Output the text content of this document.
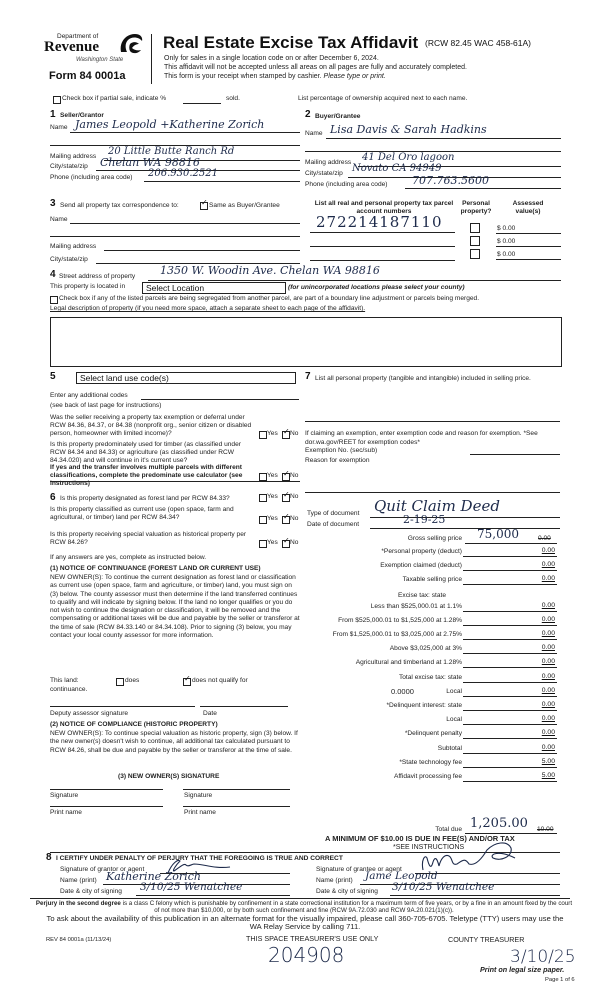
Department of
Revenue
Washington State
Form 84 0001a
Real Estate Excise Tax Affidavit (RCW 82.45 WAC 458-61A)
Only for sales in a single location code on or after December 6, 2024.
This affidavit will not be accepted unless all areas on all pages are fully and accurately completed.
This form is your receipt when stamped by cashier. Please type or print.
Check box if partial sale, indicate %	sold.	List percentage of ownership acquired next to each name.
1 Seller/Grantor
Name James Leopold +Katherine Zorich
Mailing address 20 Little Butte Ranch Rd
City/state/zip Chelan WA 98816
Phone (including area code) 206.930.2521
2 Buyer/Grantee
Name Lisa Davis & Sarah Hadkins
Mailing address 41 Del Oro lagoon
City/state/zip Novato CA 94949
Phone (including area code) 707.763.5600
3 Send all property tax correspondence to: ✓	Same as Buyer/Grantee
Name
Mailing address
City/state/zip
List all real and personal property tax parcel account numbers
Personal property?
Assessed value(s)
272214187110	$ 0.00
$ 0.00
$ 0.00
4 Street address of property 1350 W. Woodin Ave. Chelan WA 98816
This property is located in	Select Location	(for unincorporated locations please select your county)
Check box if any of the listed parcels are being segregated from another parcel, are part of a boundary line adjustment or parcels being merged.
Legal description of property (if you need more space, attach a separate sheet to each page of the affidavit).
5	Select land use code(s)
Enter any additional codes
(see back of last page for instructions)
Was the seller receiving a property tax exemption or deferral under RCW 84.36, 84.37, or 84.38 (nonprofit org., senior citizen or disabled person, homeowner with limited income)?	Yes ✓ No
Is this property predominately used for timber (as classified under RCW 84.34 and 84.33) or agriculture (as classified under RCW 84.34.020) and will continue in it's current use?
If yes and the transfer involves multiple parcels with different classifications, complete the predominate use calculator (see instructions)
Yes ✓ No
6 Is this property designated as forest land per RCW 84.33?	Yes ✓ No
Is this property classified as current use (open space, farm and agricultural, or timber) land per RCW 84.34?	Yes ✓ No
Is this property receiving special valuation as historical property per RCW 84.26?	Yes ✓ No
If any answers are yes, complete as instructed below.
(1) NOTICE OF CONTINUANCE (FOREST LAND OR CURRENT USE)
NEW OWNER(S): To continue the current designation as forest land or classification as current use (open space, farm and agriculture, or timber) land, you must sign on (3) below. The county assessor must then determine if the land transferred continues to qualify and will indicate by signing below. If the land no longer qualifies or you do not wish to continue the designation or classification, it will be removed and the compensating or additional taxes will be due and payable by the seller or transferor at the time of sale (RCW 84.33.140 or 84.34.108). Prior to signing (3) below, you may contact your local county assessor for more information.
This land:
continuance.
does ✓	does not qualify for
Deputy assessor signature	Date
(2) NOTICE OF COMPLIANCE (HISTORIC PROPERTY)
NEW OWNER(S): To continue special valuation as historic property, sign (3) below. If the new owner(s) doesn't wish to continue, all additional tax calculated pursuant to RCW 84.26, shall be due and payable by the seller or transferor at the time of sale.
(3) NEW OWNER(S) SIGNATURE
Signature	Signature
Print name	Print name
7 List all personal property (tangible and intangible) included in selling price.
If claiming an exemption, enter exemption code and reason for exemption. *See dor.wa.gov/REET for exemption codes*
Exemption No. (sec/sub)
Reason for exemption
Type of document Quit Claim Deed
Date of document	2-19-25
Gross selling price 75,000	0.00
*Personal property (deduct)	0.00
Exemption claimed (deduct)	0.00
Taxable selling price	0.00
Excise tax: state
Less than $525,000.01 at 1.1%	0.00
From $525,000.01 to $1,525,000 at 1.28%	0.00
From $1,525,000.01 to $3,025,000 at 2.75%	0.00
Above $3,025,000 at 3%	0.00
Agricultural and timberland at 1.28%	0.00
Total excise tax: state	0.00
Local	0.00
0.0000
*Delinquent interest: state	0.00
Local	0.00
*Delinquent penalty	0.00
Subtotal	0.00
*State technology fee	5.00
Affidavit processing fee	5.00
Total due 1,205.00 10.00
A MINIMUM OF $10.00 IS DUE IN FEE(S) AND/OR TAX
*SEE INSTRUCTIONS
8 I CERTIFY UNDER PENALTY OF PERJURY THAT THE FOREGOING IS TRUE AND CORRECT
Signature of grantor or agent
Name (print) Katherine Zorich
Date & city of signing 3/10/25 Wenatchee
Signature of grantee or agent
Name (print) Jame Leopold
Date & city of signing 3/10/25 Wenatchee
Perjury in the second degree is a class C felony which is punishable by confinement in a state correctional institution for a maximum term of five years, or by a fine in an amount fixed by the court of not more than $10,000, or by both such confinement and fine (RCW 9A.72.030 and RCW 9A.20.021(1)(c)).
To ask about the availability of this publication in an alternate format for the visually impaired, please call 360-705-6705. Teletype (TTY) users may use the WA Relay Service by calling 711.
REV 84 0001a (11/13/24)	THIS SPACE TREASURER'S USE ONLY	COUNTY TREASURER
204908	3/10/25
Print on legal size paper.
Page 1 of 6
